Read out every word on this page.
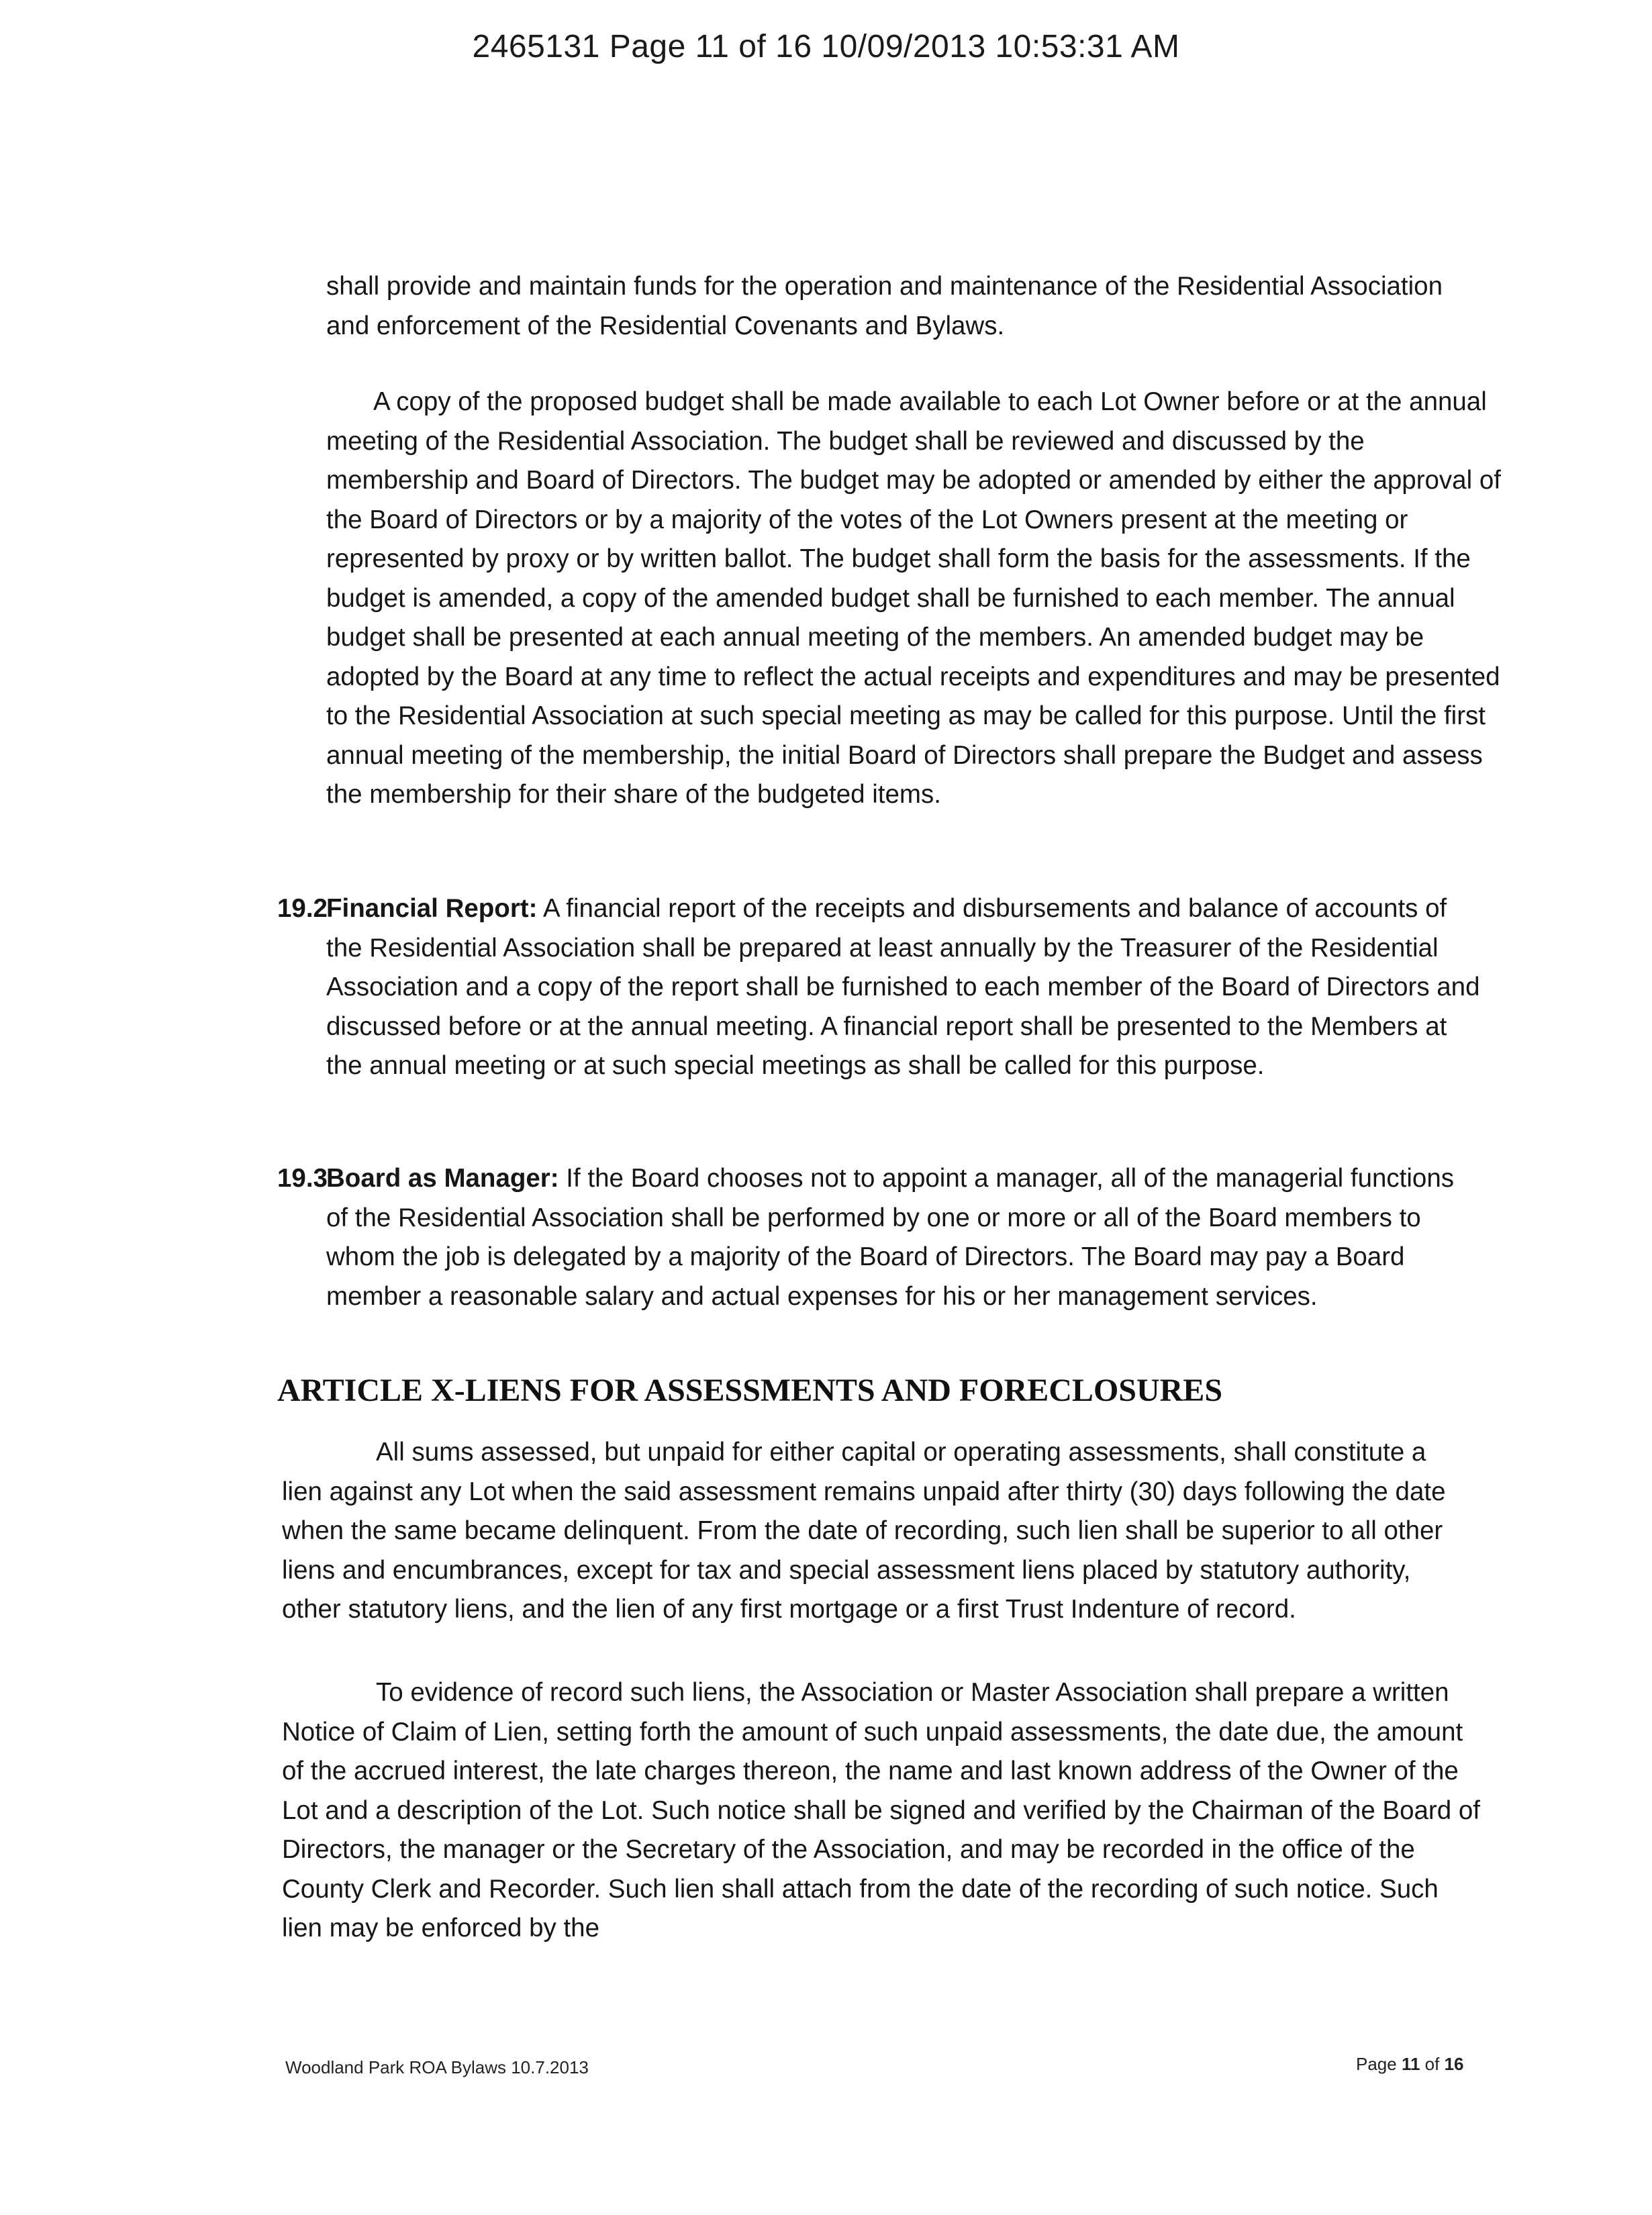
2465131 Page 11 of 16 10/09/2013 10:53:31 AM

shall provide and maintain funds for the operation and maintenance of the Residential Association and enforcement of the Residential Covenants and Bylaws.

A copy of the proposed budget shall be made available to each Lot Owner before or at the annual meeting of the Residential Association. The budget shall be reviewed and discussed by the membership and Board of Directors. The budget may be adopted or amended by either the approval of the Board of Directors or by a majority of the votes of the Lot Owners present at the meeting or represented by proxy or by written ballot. The budget shall form the basis for the assessments. If the budget is amended, a copy of the amended budget shall be furnished to each member. The annual budget shall be presented at each annual meeting of the members. An amended budget may be adopted by the Board at any time to reflect the actual receipts and expenditures and may be presented to the Residential Association at such special meeting as may be called for this purpose. Until the first annual meeting of the membership, the initial Board of Directors shall prepare the Budget and assess the membership for their share of the budgeted items.

19.2

Financial Report: A financial report of the receipts and disbursements and balance of accounts of the Residential Association shall be prepared at least annually by the Treasurer of the Residential Association and a copy of the report shall be furnished to each member of the Board of Directors and discussed before or at the annual meeting. A financial report shall be presented to the Members at the annual meeting or at such special meetings as shall be called for this purpose.

19.3

Board as Manager: If the Board chooses not to appoint a manager, all of the managerial functions of the Residential Association shall be performed by one or more or all of the Board members to whom the job is delegated by a majority of the Board of Directors. The Board may pay a Board member a reasonable salary and actual expenses for his or her management services.

ARTICLE X-LIENS FOR ASSESSMENTS AND FORECLOSURES

All sums assessed, but unpaid for either capital or operating assessments, shall constitute a lien against any Lot when the said assessment remains unpaid after thirty (30) days following the date when the same became delinquent. From the date of recording, such lien shall be superior to all other liens and encumbrances, except for tax and special assessment liens placed by statutory authority, other statutory liens, and the lien of any first mortgage or a first Trust Indenture of record.

To evidence of record such liens, the Association or Master Association shall prepare a written Notice of Claim of Lien, setting forth the amount of such unpaid assessments, the date due, the amount of the accrued interest, the late charges thereon, the name and last known address of the Owner of the Lot and a description of the Lot. Such notice shall be signed and verified by the Chairman of the Board of Directors, the manager or the Secretary of the Association, and may be recorded in the office of the County Clerk and Recorder. Such lien shall attach from the date of the recording of such notice. Such lien may be enforced by the

Woodland Park ROA Bylaws 10.7.2013	Page 11 of 16
